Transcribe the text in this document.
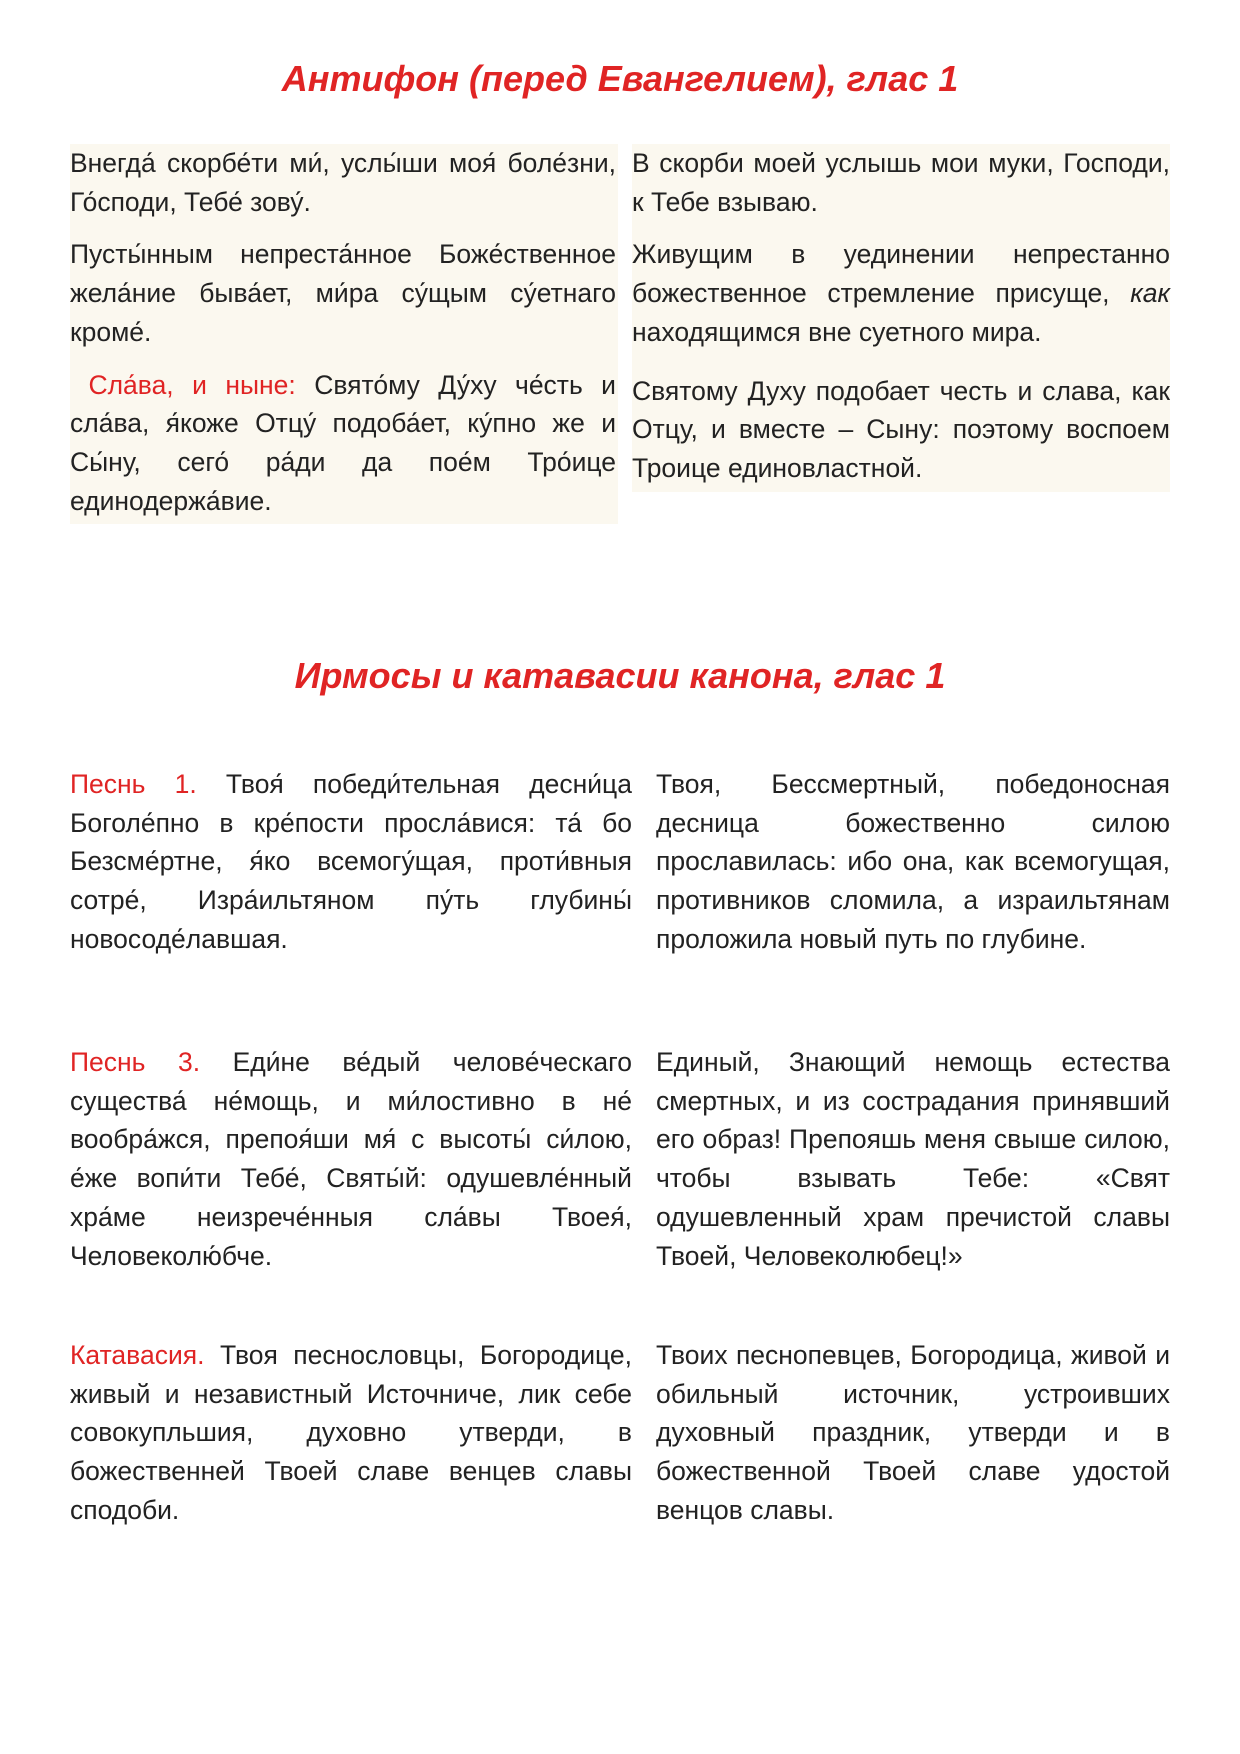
Антифон (перед Евангелием), глас 1

Внегда́ скорбе́ти ми́, услы́ши моя́ боле́зни, Го́споди, Тебе́ зову́.

Пусты́нным непреста́нное Боже́ственное жела́ние быва́ет, ми́ра су́щым су́етнаго кроме́.

Сла́ва, и ныне: Свято́му Ду́ху че́сть и сла́ва, я́коже Отцу́ подоба́ет, ку́пно же и Сы́ну, сего́ ра́ди да пое́м Тро́ице единодержа́вие.

В скорби моей услышь мои муки, Господи, к Тебе взываю.

Живущим в уединении непрестанно божественное стремление присуще, как находящимся вне суетного мира.

Святому Духу подобает честь и слава, как Отцу, и вместе – Сыну: поэтому воспоем Троице единовластной.

Ирмосы и катавасии канона, глас 1

Песнь 1. Твоя́ победи́тельная десни́ца Боголе́пно в кре́пости просла́вися: та́ бо Безсме́ртне, я́ко всемогу́щая, проти́вныя сотре́, Изра́ильтяном пу́ть глубины́ новосоде́лавшая.

Песнь 3. Еди́не ве́дый челове́ческаго существа́ не́мощь, и ми́лостивно в не́ вообра́жся, препоя́ши мя́ с высоты́ си́лою, е́же вопи́ти Тебе́, Святы́й: одушевле́нный хра́ме неизрече́нныя сла́вы Твоея́, Человеколю́бче.

Катавасия. Твоя песнословцы, Богородице, живый и независтный Источниче, лик себе совокупльшия, духовно утверди, в божественней Твоей славе венцев славы сподоби.

Твоя, Бессмертный, победоносная десница божественно силою прославилась: ибо она, как всемогущая, противников сломила, а израильтянам проложила новый путь по глубине.

Единый, Знающий немощь естества смертных, и из сострадания принявший его образ! Препояшь меня свыше силою, чтобы взывать Тебе: «Свят одушевленный храм пречистой славы Твоей, Человеколюбец!»

Твоих песнопевцев, Богородица, живой и обильный источник, устроивших духовный праздник, утверди и в божественной Твоей славе удостой венцов славы.
